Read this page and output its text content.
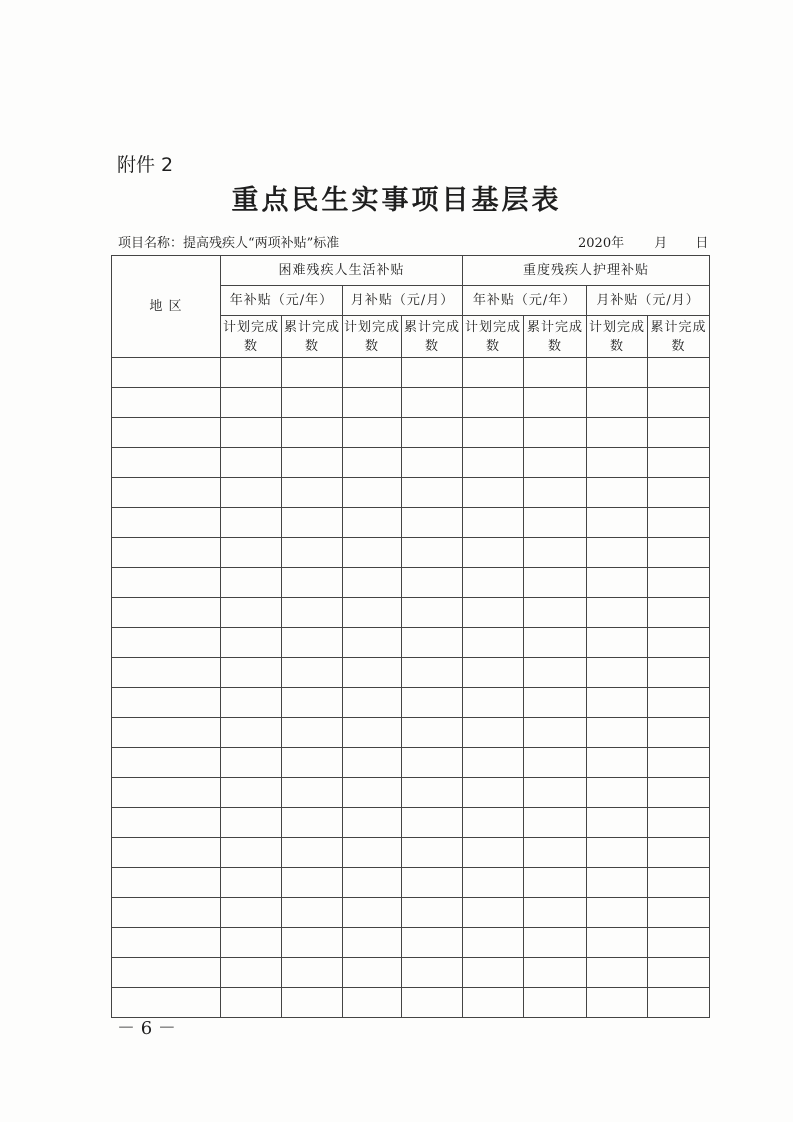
附件 2
重点民生实事项目基层表
项目名称：提高残疾人“两项补贴”标准	2020年 月 日
地 区	困难残疾人生活补贴				重度残疾人护理补贴			
	年补贴（元/年）		月补贴（元/月）		年补贴（元/年）		月补贴（元/月）	
	计划完成数	累计完成数	计划完成数	累计完成数	计划完成数	累计完成数	计划完成数	累计完成数

－ 6 －
